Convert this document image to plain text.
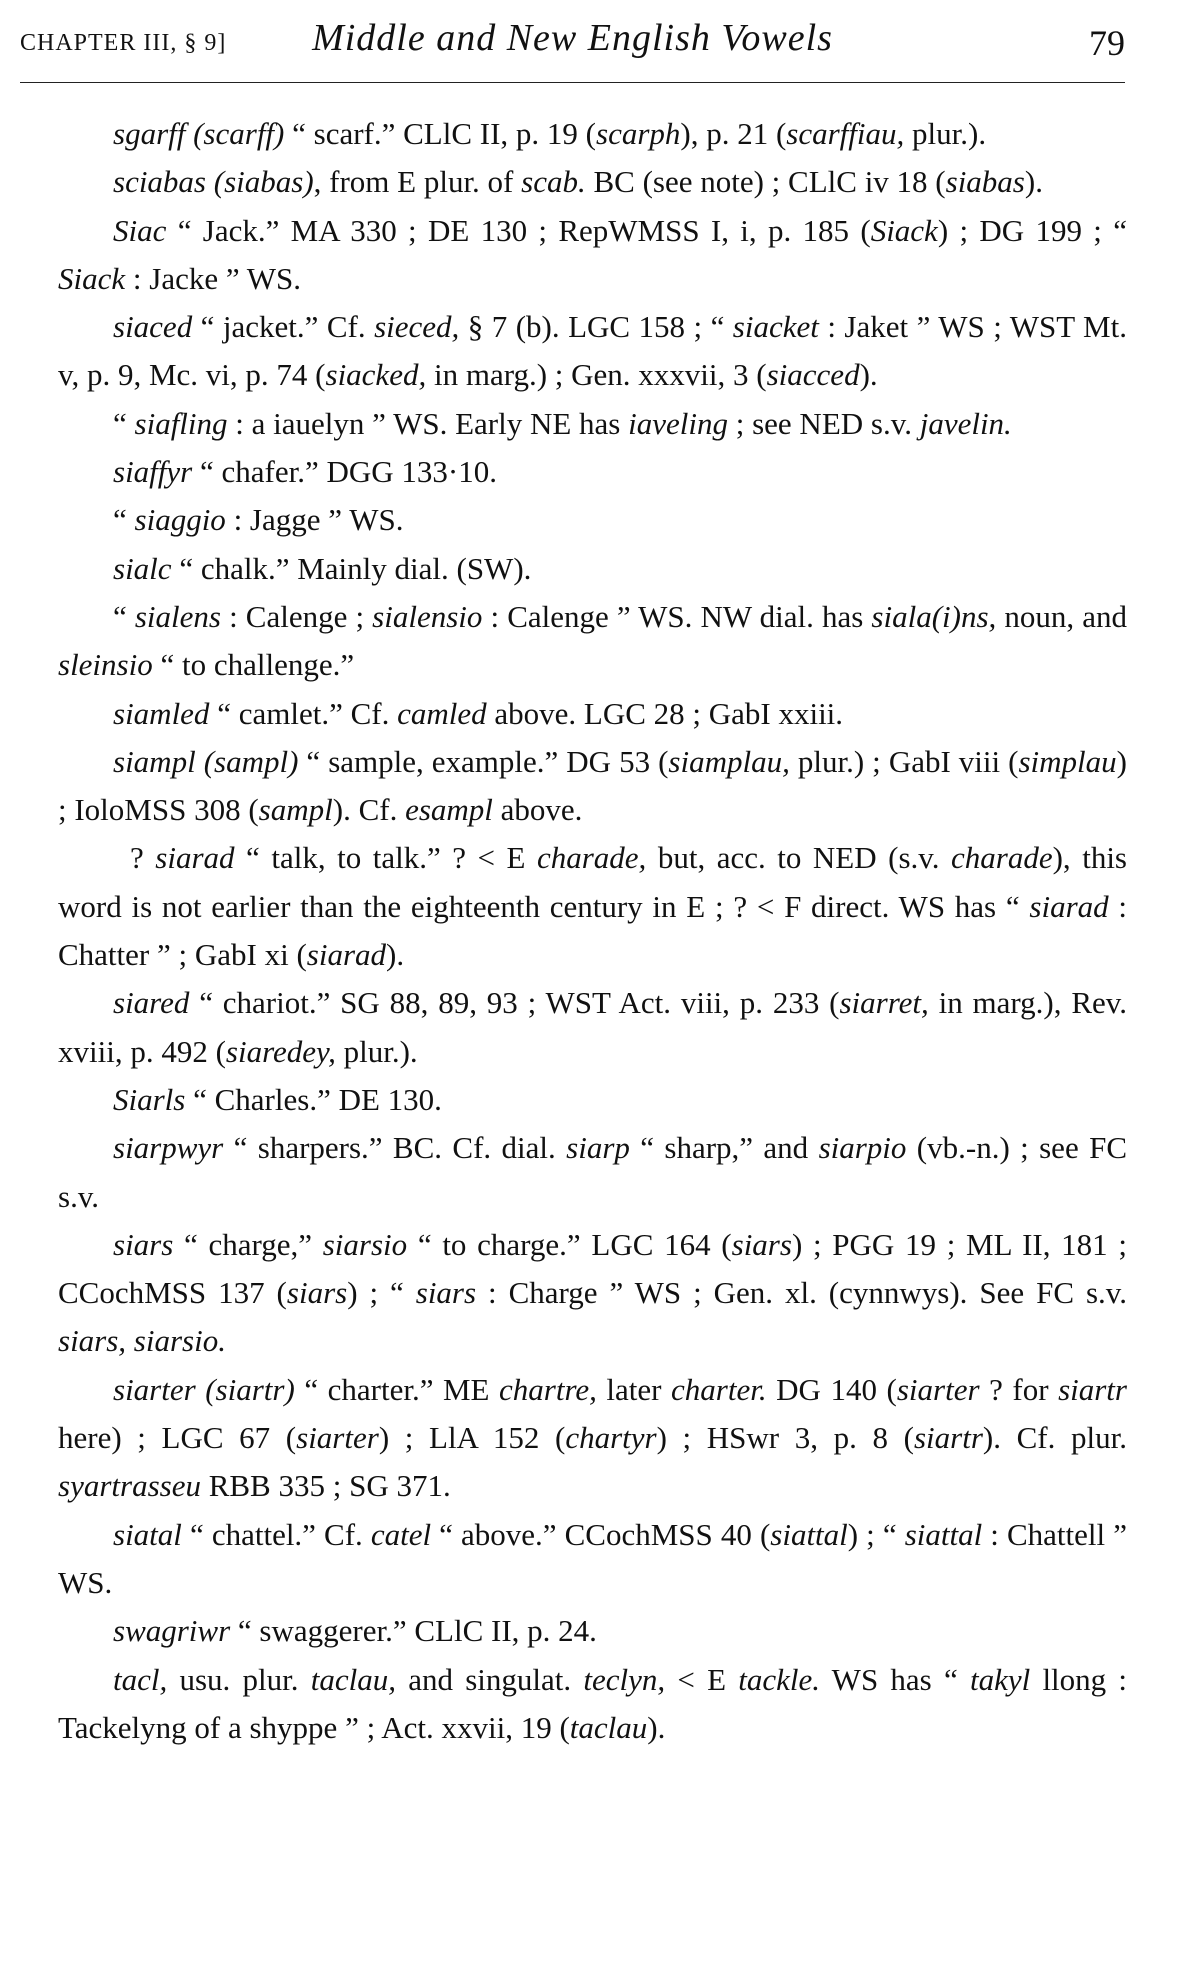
CHAPTER III, § 9]	Middle and New English Vowels	79

sgarff (scarff) “ scarf.” CLlC II, p. 19 (scarph), p. 21 (scarffiau, plur.).

sciabas (siabas), from E plur. of scab. BC (see note) ; CLlC iv 18 (siabas).

Siac “ Jack.” MA 330 ; DE 130 ; RepWMSS I, i, p. 185 (Siack) ; DG 199 ; “ Siack : Jacke ” WS.

siaced “ jacket.” Cf. sieced, § 7 (b). LGC 158 ; “ siacket : Jaket ” WS ; WST Mt. v, p. 9, Mc. vi, p. 74 (siacked, in marg.) ; Gen. xxxvii, 3 (siacced).

“ siafling : a iauelyn ” WS. Early NE has iaveling ; see NED s.v. javelin.

siaffyr “ chafer.” DGG 133·10.

“ siaggio : Jagge ” WS.

sialc “ chalk.” Mainly dial. (SW).

“ sialens : Calenge ; sialensio : Calenge ” WS. NW dial. has siala(i)ns, noun, and sleinsio “ to challenge.”

siamled “ camlet.” Cf. camled above. LGC 28 ; GabI xxiii.

siampl (sampl) “ sample, example.” DG 53 (siamplau, plur.) ; GabI viii (simplau) ; IoloMSS 308 (sampl). Cf. esampl above.

? siarad “ talk, to talk.” ? < E charade, but, acc. to NED (s.v. charade), this word is not earlier than the eighteenth century in E ; ? < F direct. WS has “ siarad : Chatter ” ; GabI xi (siarad).

siared “ chariot.” SG 88, 89, 93 ; WST Act. viii, p. 233 (siarret, in marg.), Rev. xviii, p. 492 (siaredey, plur.).

Siarls “ Charles.” DE 130.

siarpwyr “ sharpers.” BC. Cf. dial. siarp “ sharp,” and siarpio (vb.-n.) ; see FC s.v.

siars “ charge,” siarsio “ to charge.” LGC 164 (siars) ; PGG 19 ; ML II, 181 ; CCochMSS 137 (siars) ; “ siars : Charge ” WS ; Gen. xl. (cynnwys). See FC s.v. siars, siarsio.

siarter (siartr) “ charter.” ME chartre, later charter. DG 140 (siarter ? for siartr here) ; LGC 67 (siarter) ; LlA 152 (chartyr) ; HSwr 3, p. 8 (siartr). Cf. plur. syartrasseu RBB 335 ; SG 371.

siatal “ chattel.” Cf. catel “ above.” CCochMSS 40 (siattal) ; “ siattal : Chattell ” WS.

swagriwr “ swaggerer.” CLlC II, p. 24.

tacl, usu. plur. taclau, and singulat. teclyn, < E tackle. WS has “ takyl llong : Tackelyng of a shyppe ” ; Act. xxvii, 19 (taclau).
